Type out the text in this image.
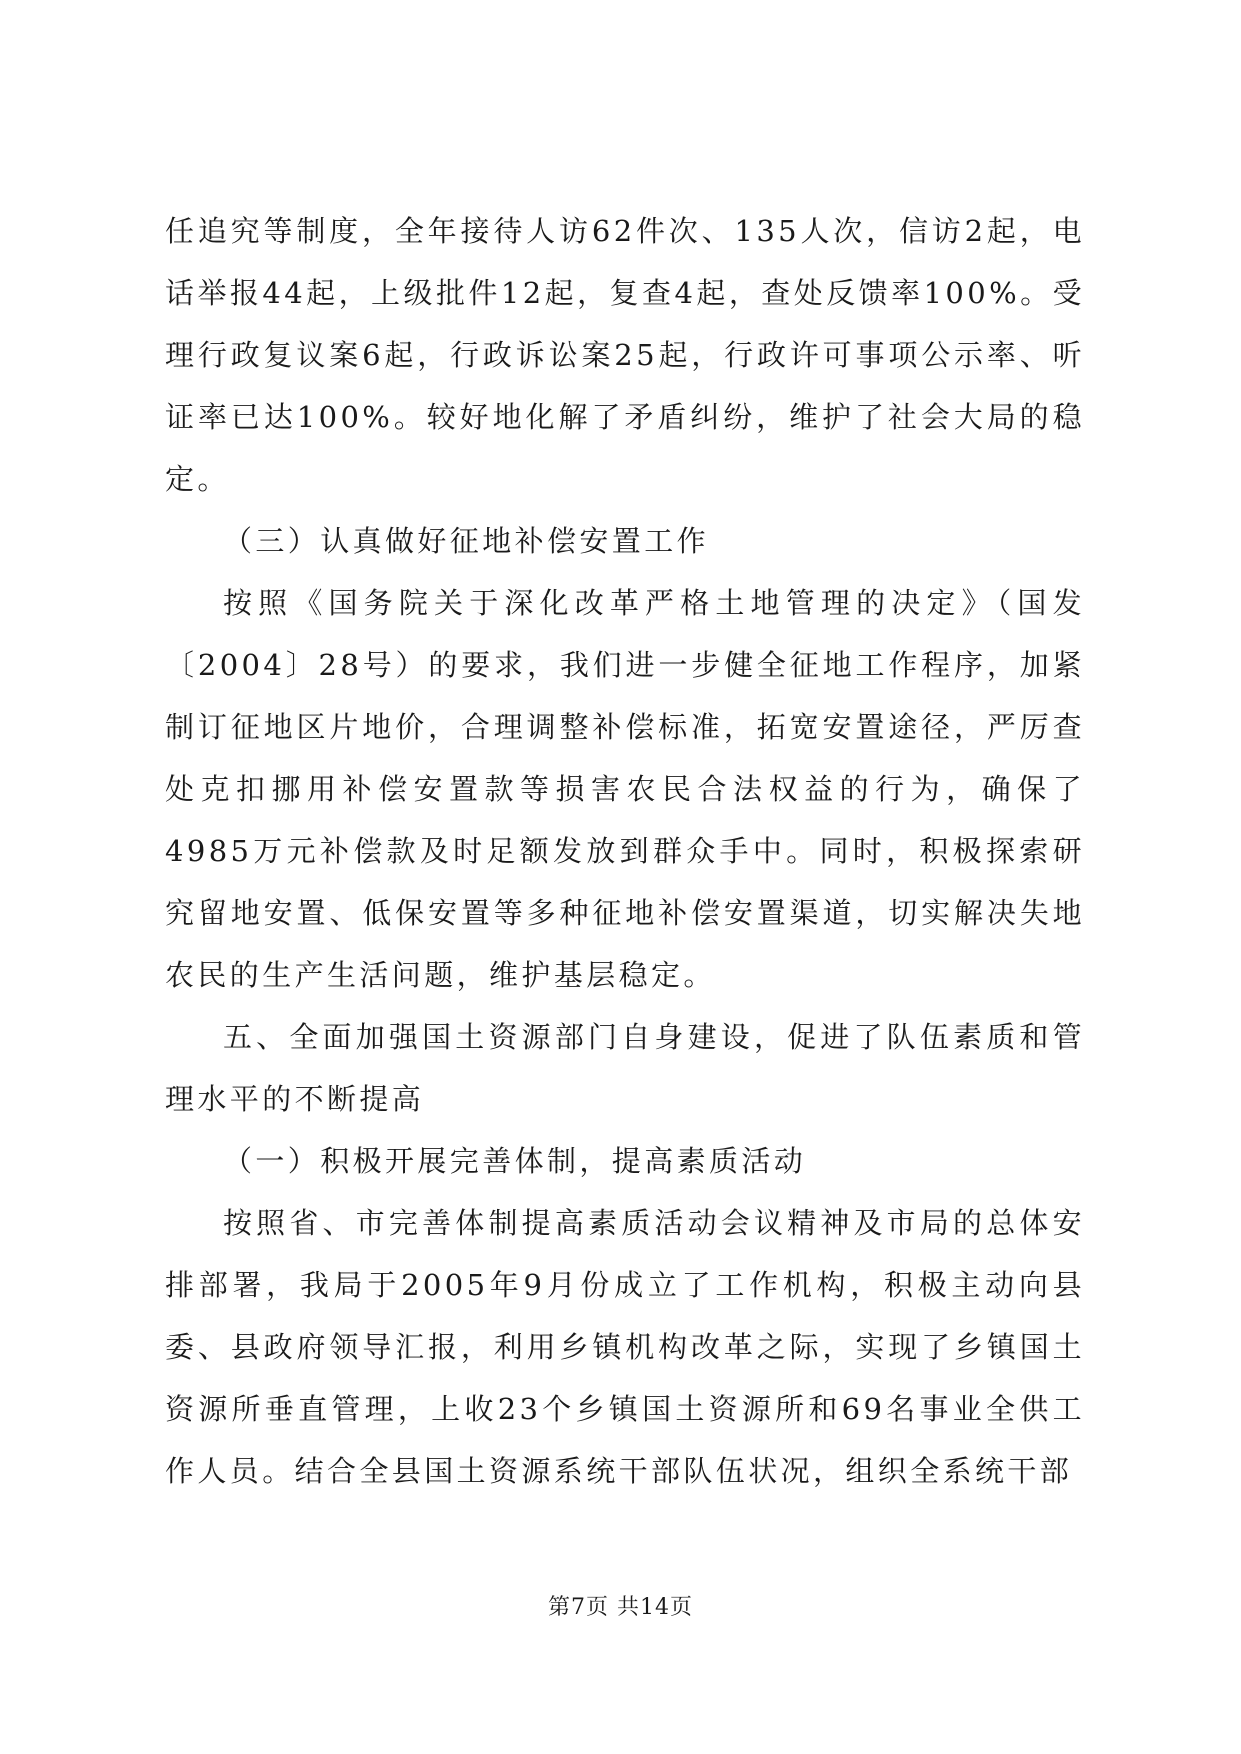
任追究等制度，全年接待人访62件次、135人次，信访2起，电话举报44起，上级批件12起，复查4起，查处反馈率100%。受理行政复议案6起，行政诉讼案25起，行政许可事项公示率、听证率已达100%。较好地化解了矛盾纠纷，维护了社会大局的稳定。

（三）认真做好征地补偿安置工作

按照《国务院关于深化改革严格土地管理的决定》（国发〔2004〕28号）的要求，我们进一步健全征地工作程序，加紧制订征地区片地价，合理调整补偿标准，拓宽安置途径，严厉查处克扣挪用补偿安置款等损害农民合法权益的行为，确保了4985万元补偿款及时足额发放到群众手中。同时，积极探索研究留地安置、低保安置等多种征地补偿安置渠道，切实解决失地农民的生产生活问题，维护基层稳定。

五、全面加强国土资源部门自身建设，促进了队伍素质和管理水平的不断提高

（一）积极开展完善体制，提高素质活动

按照省、市完善体制提高素质活动会议精神及市局的总体安排部署，我局于2005年9月份成立了工作机构，积极主动向县委、县政府领导汇报，利用乡镇机构改革之际，实现了乡镇国土资源所垂直管理，上收23个乡镇国土资源所和69名事业全供工作人员。结合全县国土资源系统干部队伍状况，组织全系统干部

第7页 共14页
